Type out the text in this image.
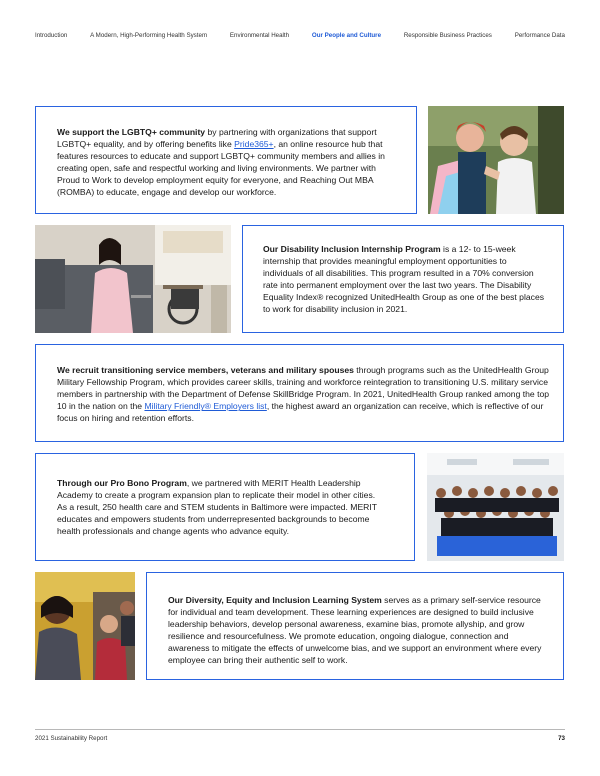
Introduction	A Modern, High-Performing Health System	Environmental Health	Our People and Culture	Responsible Business Practices	Performance Data
We support the LGBTQ+ community by partnering with organizations that support LGBTQ+ equality, and by offering benefits like Pride365+, an online resource hub that features resources to educate and support LGBTQ+ community members and allies in creating open, safe and respectful working and living environments. We partner with Proud to Work to develop employment equity for everyone, and Reaching Out MBA (ROMBA) to educate, engage and develop our workforce.
Our Disability Inclusion Internship Program is a 12- to 15-week internship that provides meaningful employment opportunities to individuals of all disabilities. This program resulted in a 70% conversion rate into permanent employment over the last two years. The Disability Equality Index® recognized UnitedHealth Group as one of the best places to work for disability inclusion in 2021.
We recruit transitioning service members, veterans and military spouses through programs such as the UnitedHealth Group Military Fellowship Program, which provides career skills, training and workforce reintegration to transitioning U.S. military service members in partnership with the Department of Defense SkillBridge Program. In 2021, UnitedHealth Group ranked among the top 10 in the nation on the Military Friendly® Employers list, the highest award an organization can receive, which is reflective of our focus on hiring and retention efforts.
Through our Pro Bono Program, we partnered with MERIT Health Leadership Academy to create a program expansion plan to replicate their model in other cities. As a result, 250 health care and STEM students in Baltimore were impacted. MERIT educates and empowers students from underrepresented backgrounds to become health professionals and change agents who advance equity.
Our Diversity, Equity and Inclusion Learning System serves as a primary self-service resource for individual and team development. These learning experiences are designed to build inclusive leadership behaviors, develop personal awareness, examine bias, promote allyship, and grow resilience and resourcefulness. We promote education, ongoing dialogue, connection and awareness to mitigate the effects of unwelcome bias, and we support an environment where every employee can bring their authentic self to work.
2021 Sustainability Report	73
